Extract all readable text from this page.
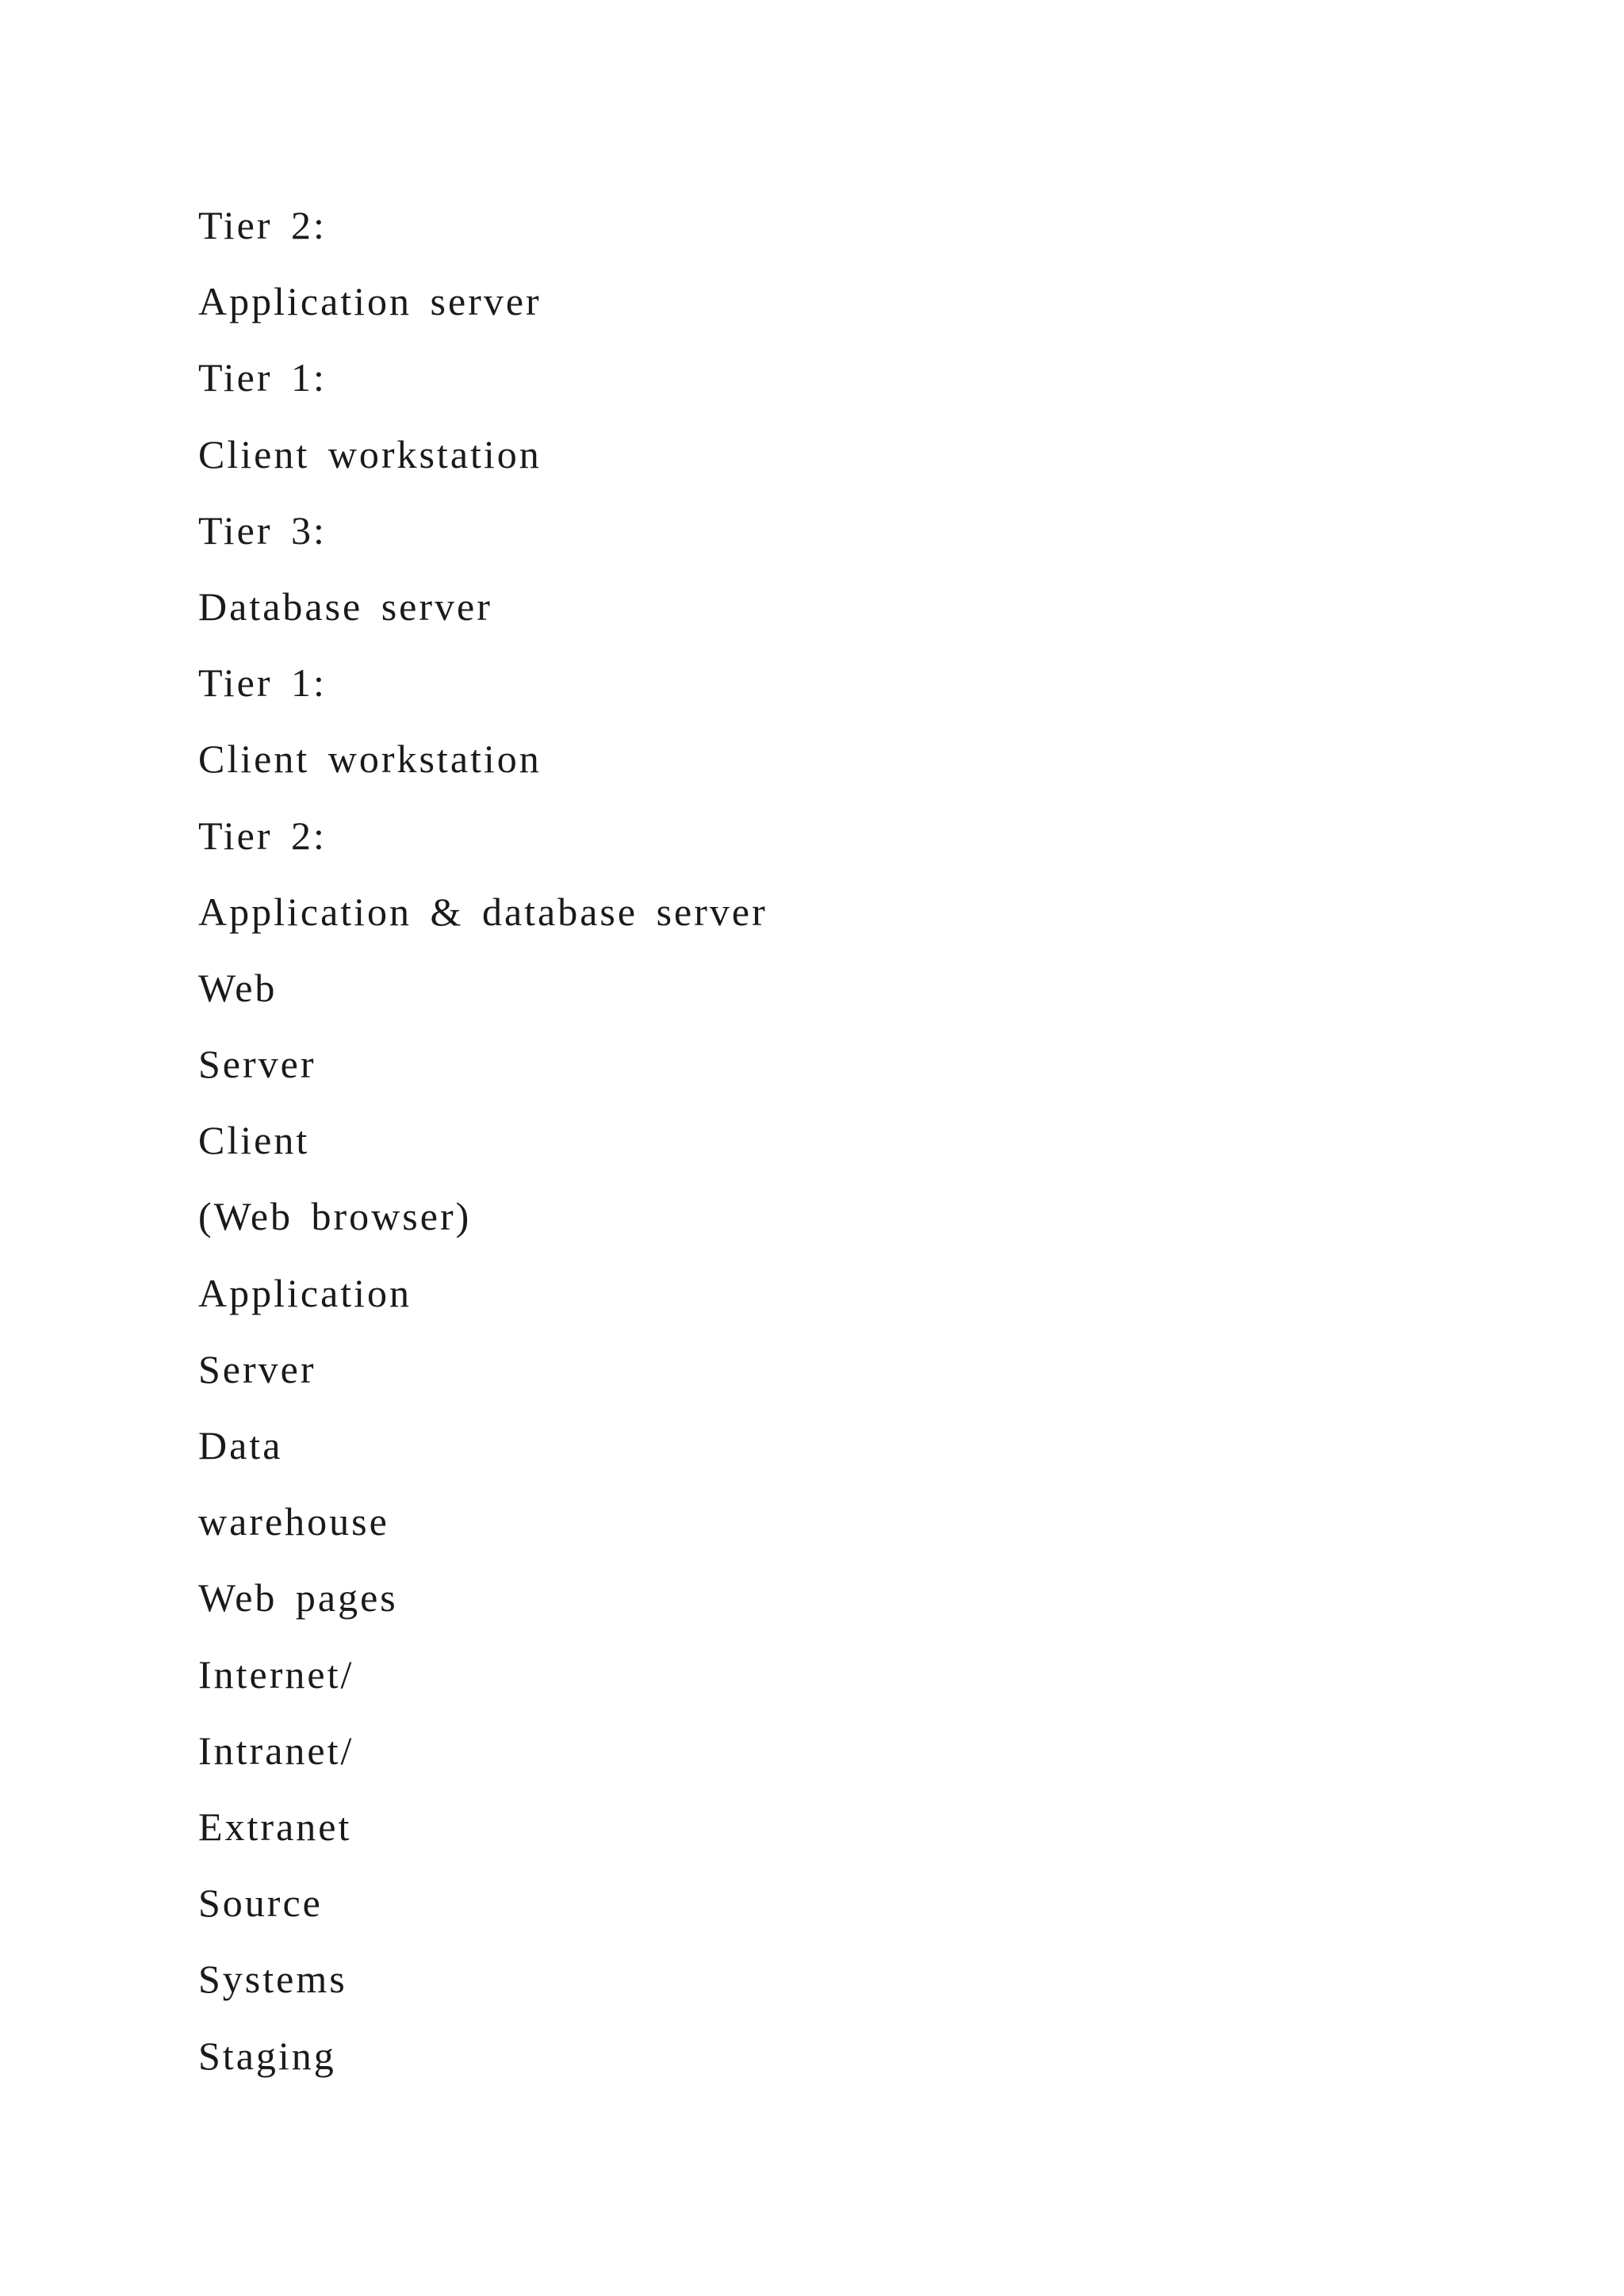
Tier 2:
Application server
Tier 1:
Client workstation
Tier 3:
Database server
Tier 1:
Client workstation
Tier 2:
Application & database server
Web
Server
Client
(Web browser)
Application
Server
Data
warehouse
Web pages
Internet/
Intranet/
Extranet
Source
Systems
Staging
